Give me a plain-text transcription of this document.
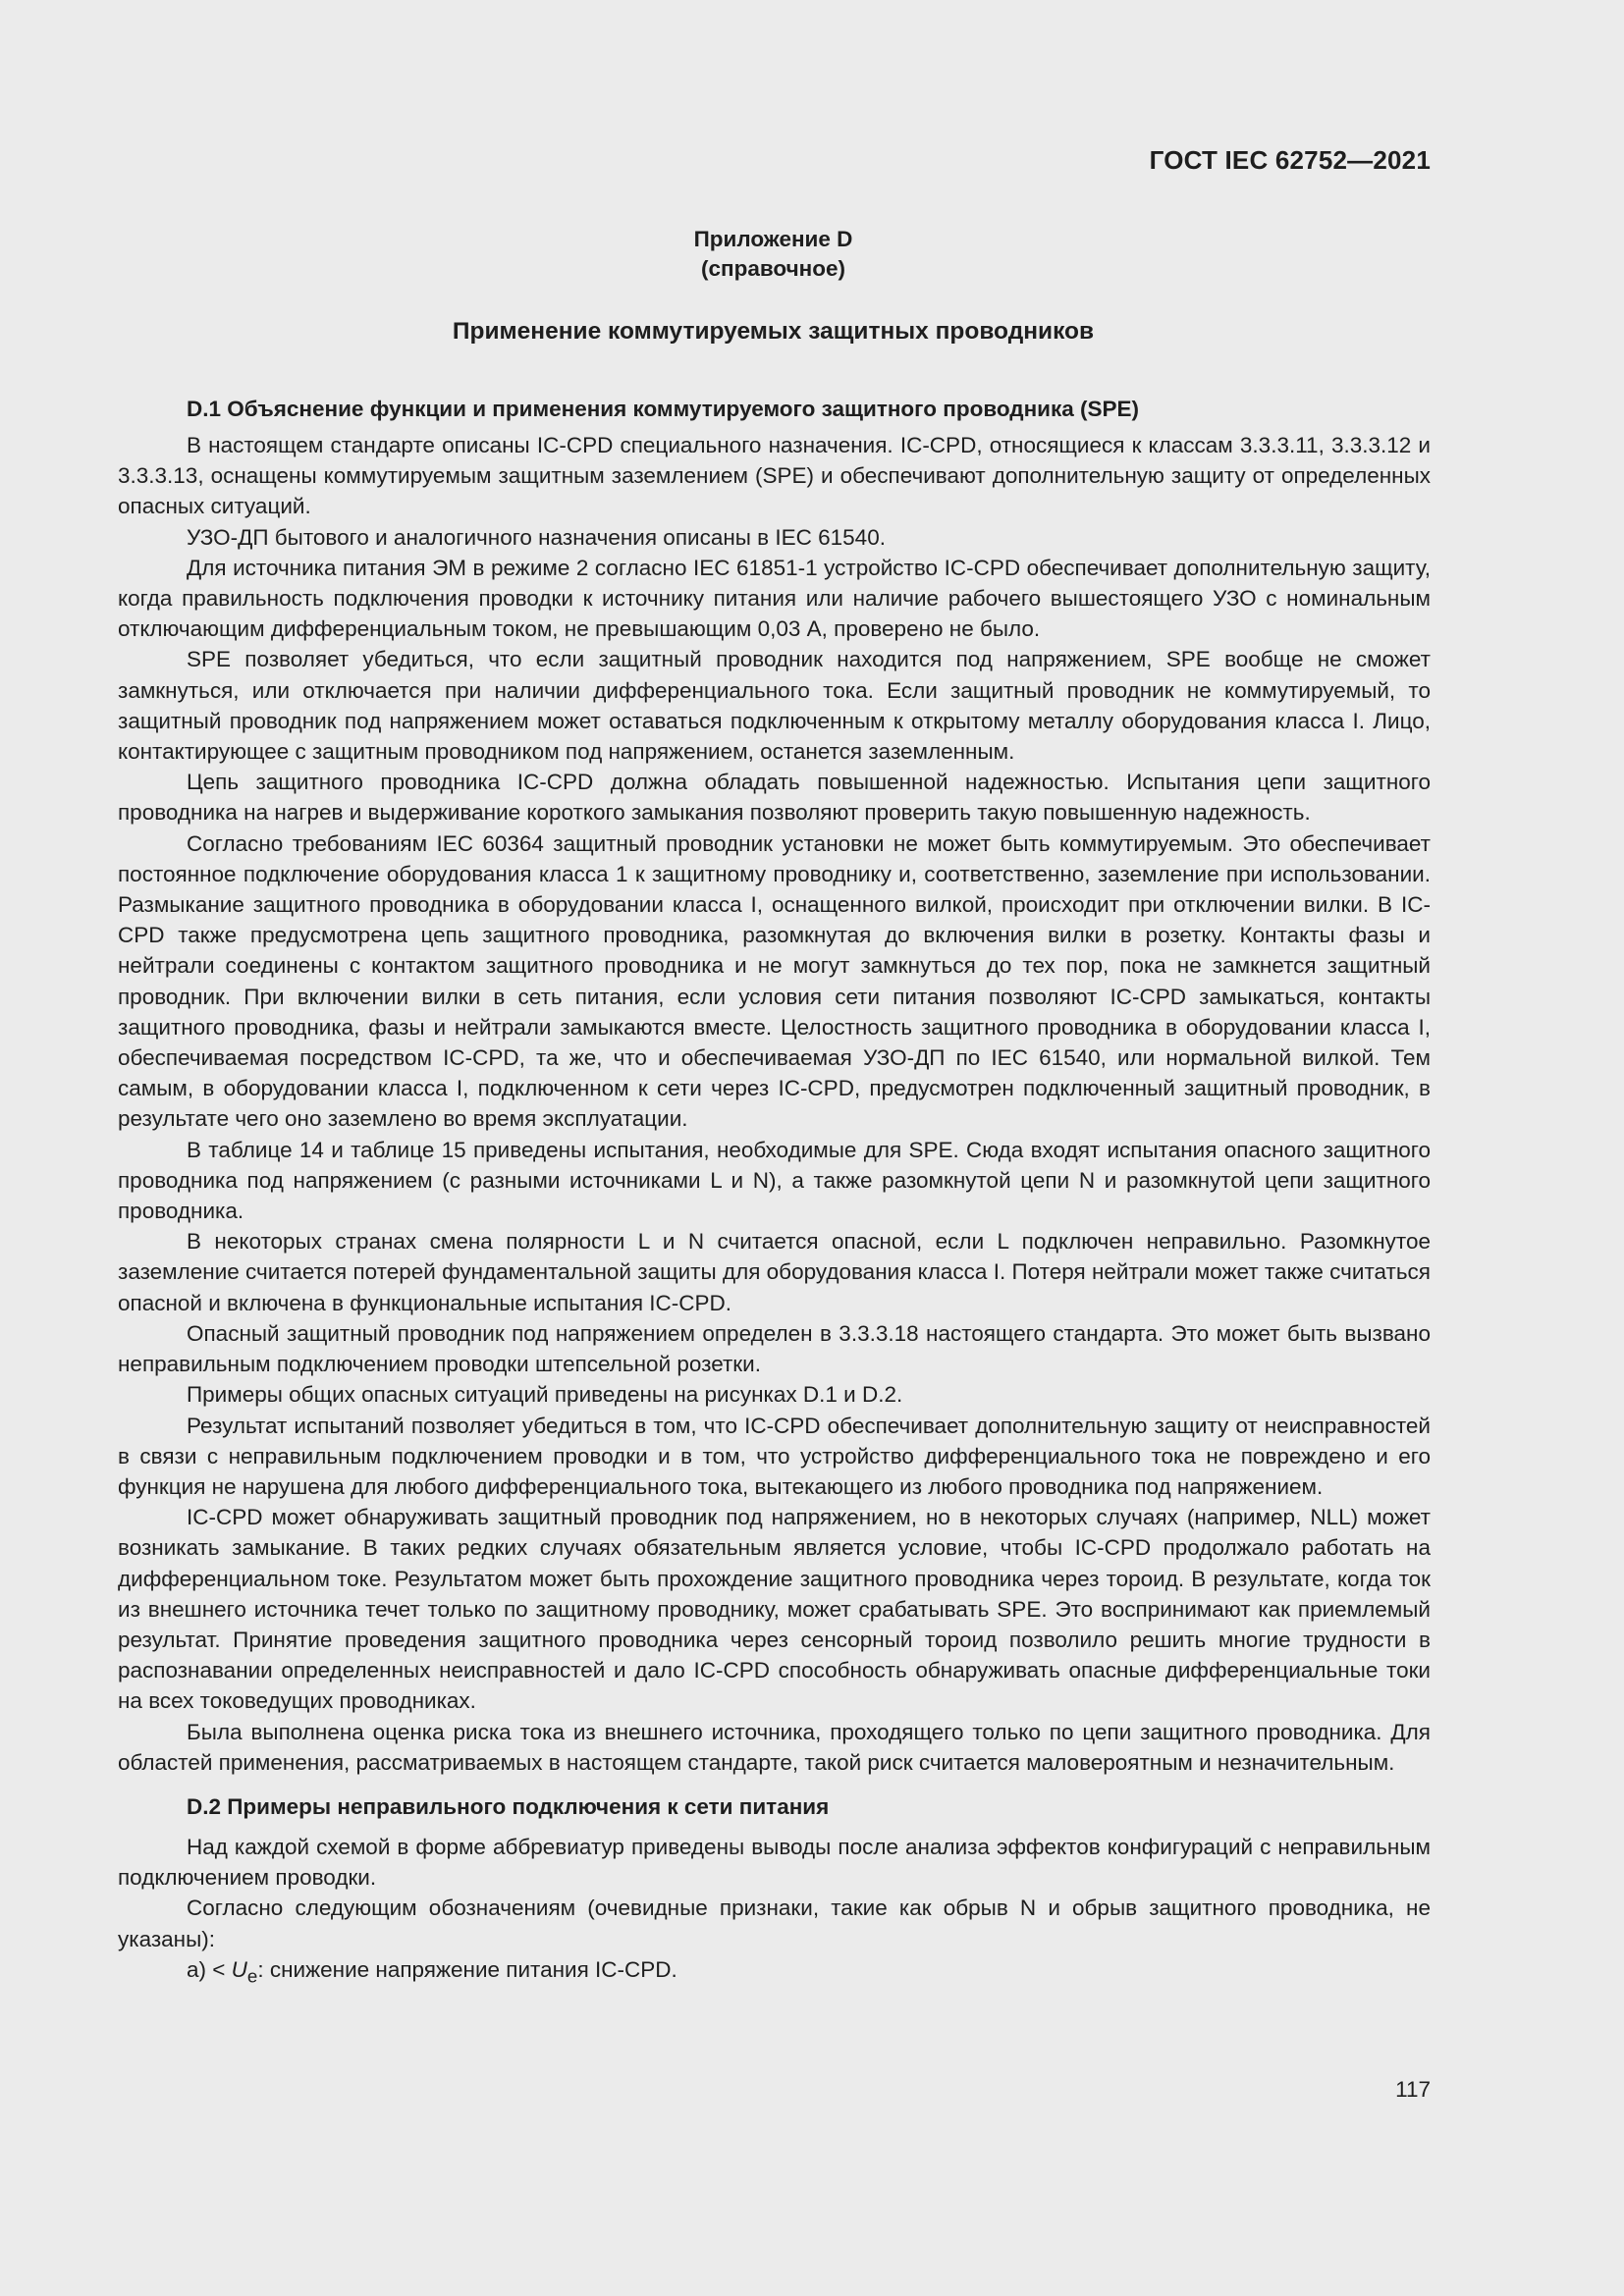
ГОСТ IEC 62752—2021
Приложение D
(справочное)
Применение коммутируемых защитных проводников
D.1 Объяснение функции и применения коммутируемого защитного проводника (SPE)

В настоящем стандарте описаны IC-CPD специального назначения. IC-CPD, относящиеся к классам 3.3.3.11, 3.3.3.12 и 3.3.3.13, оснащены коммутируемым защитным заземлением (SPE) и обеспечивают дополнительную защиту от определенных опасных ситуаций.

УЗО-ДП бытового и аналогичного назначения описаны в IEC 61540.

Для источника питания ЭМ в режиме 2 согласно IEC 61851-1 устройство IC-CPD обеспечивает дополнительную защиту, когда правильность подключения проводки к источнику питания или наличие рабочего вышестоящего УЗО с номинальным отключающим дифференциальным током, не превышающим 0,03 А, проверено не было.

SPE позволяет убедиться, что если защитный проводник находится под напряжением, SPE вообще не сможет замкнуться, или отключается при наличии дифференциального тока. Если защитный проводник не коммутируемый, то защитный проводник под напряжением может оставаться подключенным к открытому металлу оборудования класса I. Лицо, контактирующее с защитным проводником под напряжением, останется заземленным.

Цепь защитного проводника IC-CPD должна обладать повышенной надежностью. Испытания цепи защитного проводника на нагрев и выдерживание короткого замыкания позволяют проверить такую повышенную надежность.

Согласно требованиям IEC 60364 защитный проводник установки не может быть коммутируемым. Это обеспечивает постоянное подключение оборудования класса 1 к защитному проводнику и, соответственно, заземление при использовании. Размыкание защитного проводника в оборудовании класса I, оснащенного вилкой, происходит при отключении вилки. В IC-CPD также предусмотрена цепь защитного проводника, разомкнутая до включения вилки в розетку. Контакты фазы и нейтрали соединены с контактом защитного проводника и не могут замкнуться до тех пор, пока не замкнется защитный проводник. При включении вилки в сеть питания, если условия сети питания позволяют IC-CPD замыкаться, контакты защитного проводника, фазы и нейтрали замыкаются вместе. Целостность защитного проводника в оборудовании класса I, обеспечиваемая посредством IC-CPD, та же, что и обеспечиваемая УЗО-ДП по IEC 61540, или нормальной вилкой. Тем самым, в оборудовании класса I, подключенном к сети через IC-CPD, предусмотрен подключенный защитный проводник, в результате чего оно заземлено во время эксплуатации.

В таблице 14 и таблице 15 приведены испытания, необходимые для SPE. Сюда входят испытания опасного защитного проводника под напряжением (с разными источниками L и N), а также разомкнутой цепи N и разомкнутой цепи защитного проводника.

В некоторых странах смена полярности L и N считается опасной, если L подключен неправильно. Разомкнутое заземление считается потерей фундаментальной защиты для оборудования класса I. Потеря нейтрали может также считаться опасной и включена в функциональные испытания IC-CPD.

Опасный защитный проводник под напряжением определен в 3.3.3.18 настоящего стандарта. Это может быть вызвано неправильным подключением проводки штепсельной розетки.

Примеры общих опасных ситуаций приведены на рисунках D.1 и D.2.

Результат испытаний позволяет убедиться в том, что IC-CPD обеспечивает дополнительную защиту от неисправностей в связи с неправильным подключением проводки и в том, что устройство дифференциального тока не повреждено и его функция не нарушена для любого дифференциального тока, вытекающего из любого проводника под напряжением.

IC-CPD может обнаруживать защитный проводник под напряжением, но в некоторых случаях (например, NLL) может возникать замыкание. В таких редких случаях обязательным является условие, чтобы IC-CPD продолжало работать на дифференциальном токе. Результатом может быть прохождение защитного проводника через тороид. В результате, когда ток из внешнего источника течет только по защитному проводнику, может срабатывать SPE. Это воспринимают как приемлемый результат. Принятие проведения защитного проводника через сенсорный тороид позволило решить многие трудности в распознавании определенных неисправностей и дало IC-CPD способность обнаруживать опасные дифференциальные токи на всех токоведущих проводниках.

Была выполнена оценка риска тока из внешнего источника, проходящего только по цепи защитного проводника. Для областей применения, рассматриваемых в настоящем стандарте, такой риск считается маловероятным и незначительным.

D.2 Примеры неправильного подключения к сети питания

Над каждой схемой в форме аббревиатур приведены выводы после анализа эффектов конфигураций с неправильным подключением проводки.

Согласно следующим обозначениям (очевидные признаки, такие как обрыв N и обрыв защитного проводника, не указаны):

$a) < U_e$: снижение напряжение питания IC-CPD.

117
